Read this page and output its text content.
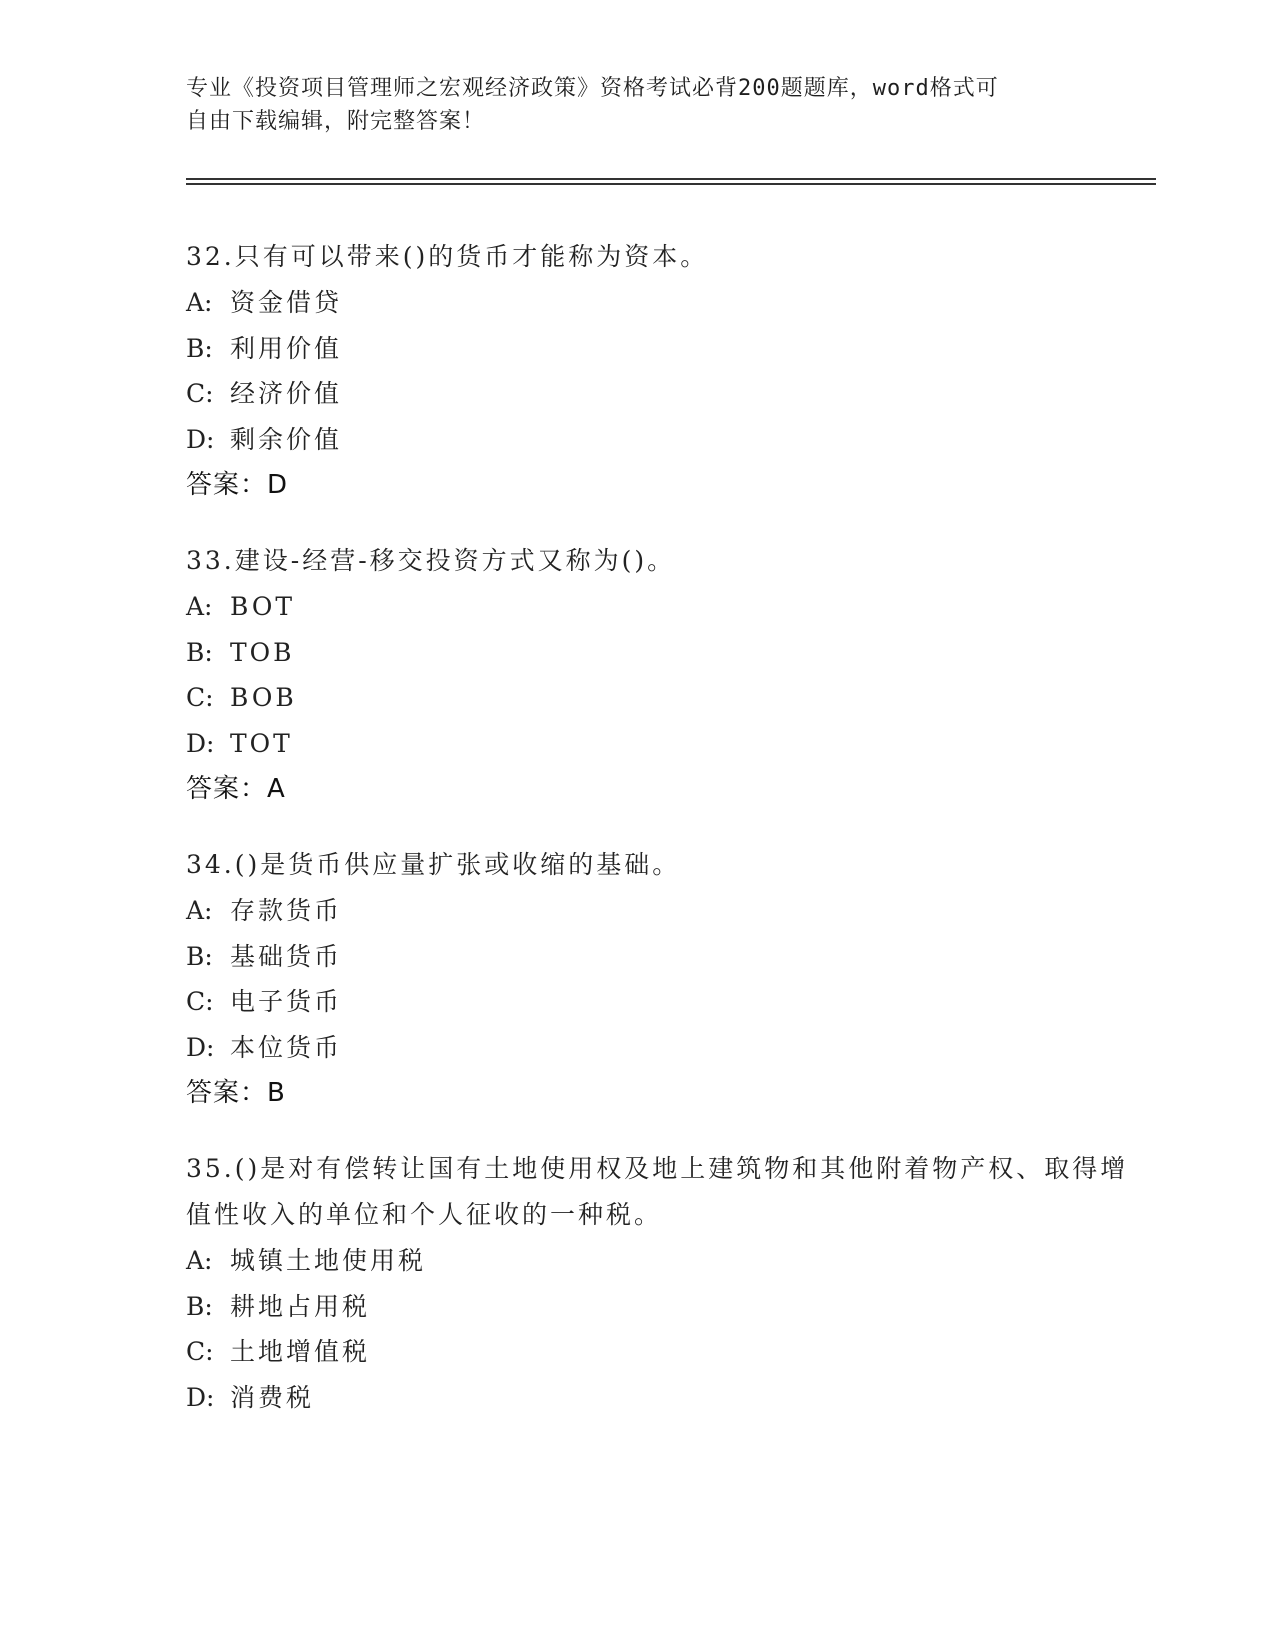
专业《投资项目管理师之宏观经济政策》资格考试必背200题题库，word格式可
自由下载编辑，附完整答案！
32.只有可以带来()的货币才能称为资本。
A: 资金借贷
B: 利用价值
C: 经济价值
D: 剩余价值
答案：D
33.建设-经营-移交投资方式又称为()。
A: BOT
B: TOB
C: BOB
D: TOT
答案：A
34.()是货币供应量扩张或收缩的基础。
A: 存款货币
B: 基础货币
C: 电子货币
D: 本位货币
答案：B
35.()是对有偿转让国有土地使用权及地上建筑物和其他附着物产权、取得增值性收入的单位和个人征收的一种税。
A: 城镇土地使用税
B: 耕地占用税
C: 土地增值税
D: 消费税
